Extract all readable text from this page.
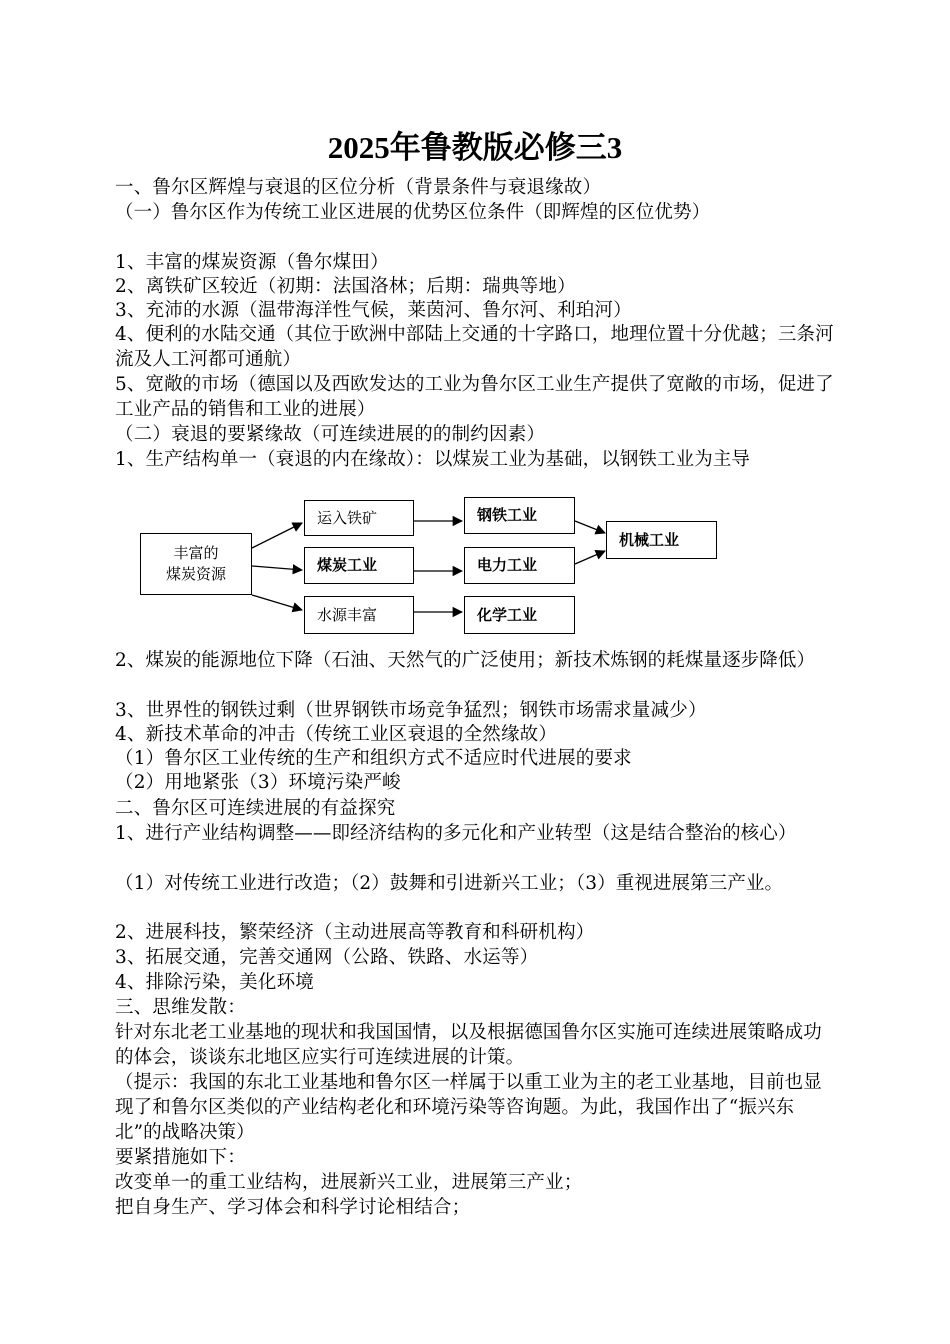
2025年鲁教版必修三3
一、鲁尔区辉煌与衰退的区位分析（背景条件与衰退缘故）
（一）鲁尔区作为传统工业区进展的优势区位条件（即辉煌的区位优势）
1、丰富的煤炭资源（鲁尔煤田）
2、离铁矿区较近（初期：法国洛林；后期：瑞典等地）
3、充沛的水源（温带海洋性气候，莱茵河、鲁尔河、利珀河）
4、便利的水陆交通（其位于欧洲中部陆上交通的十字路口，地理位置十分优越；三条河流及人工河都可通航）
5、宽敞的市场（德国以及西欧发达的工业为鲁尔区工业生产提供了宽敞的市场，促进了工业产品的销售和工业的进展）
（二）衰退的要紧缘故（可连续进展的的制约因素）
1、生产结构单一（衰退的内在缘故）：以煤炭工业为基础，以钢铁工业为主导
丰富的
煤炭资源
运入铁矿
煤炭工业
水源丰富
钢铁工业
电力工业
化学工业
机械工业
2、煤炭的能源地位下降（石油、天然气的广泛使用；新技术炼钢的耗煤量逐步降低）
3、世界性的钢铁过剩（世界钢铁市场竞争猛烈；钢铁市场需求量减少）
4、新技术革命的冲击（传统工业区衰退的全然缘故）
（1）鲁尔区工业传统的生产和组织方式不适应时代进展的要求
（2）用地紧张（3）环境污染严峻
二、鲁尔区可连续进展的有益探究
1、进行产业结构调整——即经济结构的多元化和产业转型（这是结合整治的核心）
（1）对传统工业进行改造；（2）鼓舞和引进新兴工业；（3）重视进展第三产业。
2、进展科技，繁荣经济（主动进展高等教育和科研机构）
3、拓展交通，完善交通网（公路、铁路、水运等）
4、排除污染，美化环境
三、思维发散：
针对东北老工业基地的现状和我国国情，以及根据德国鲁尔区实施可连续进展策略成功的体会，谈谈东北地区应实行可连续进展的计策。
（提示：我国的东北工业基地和鲁尔区一样属于以重工业为主的老工业基地，目前也显现了和鲁尔区类似的产业结构老化和环境污染等咨询题。为此，我国作出了“振兴东北”的战略决策）
要紧措施如下：
改变单一的重工业结构，进展新兴工业，进展第三产业；
把自身生产、学习体会和科学讨论相结合；
